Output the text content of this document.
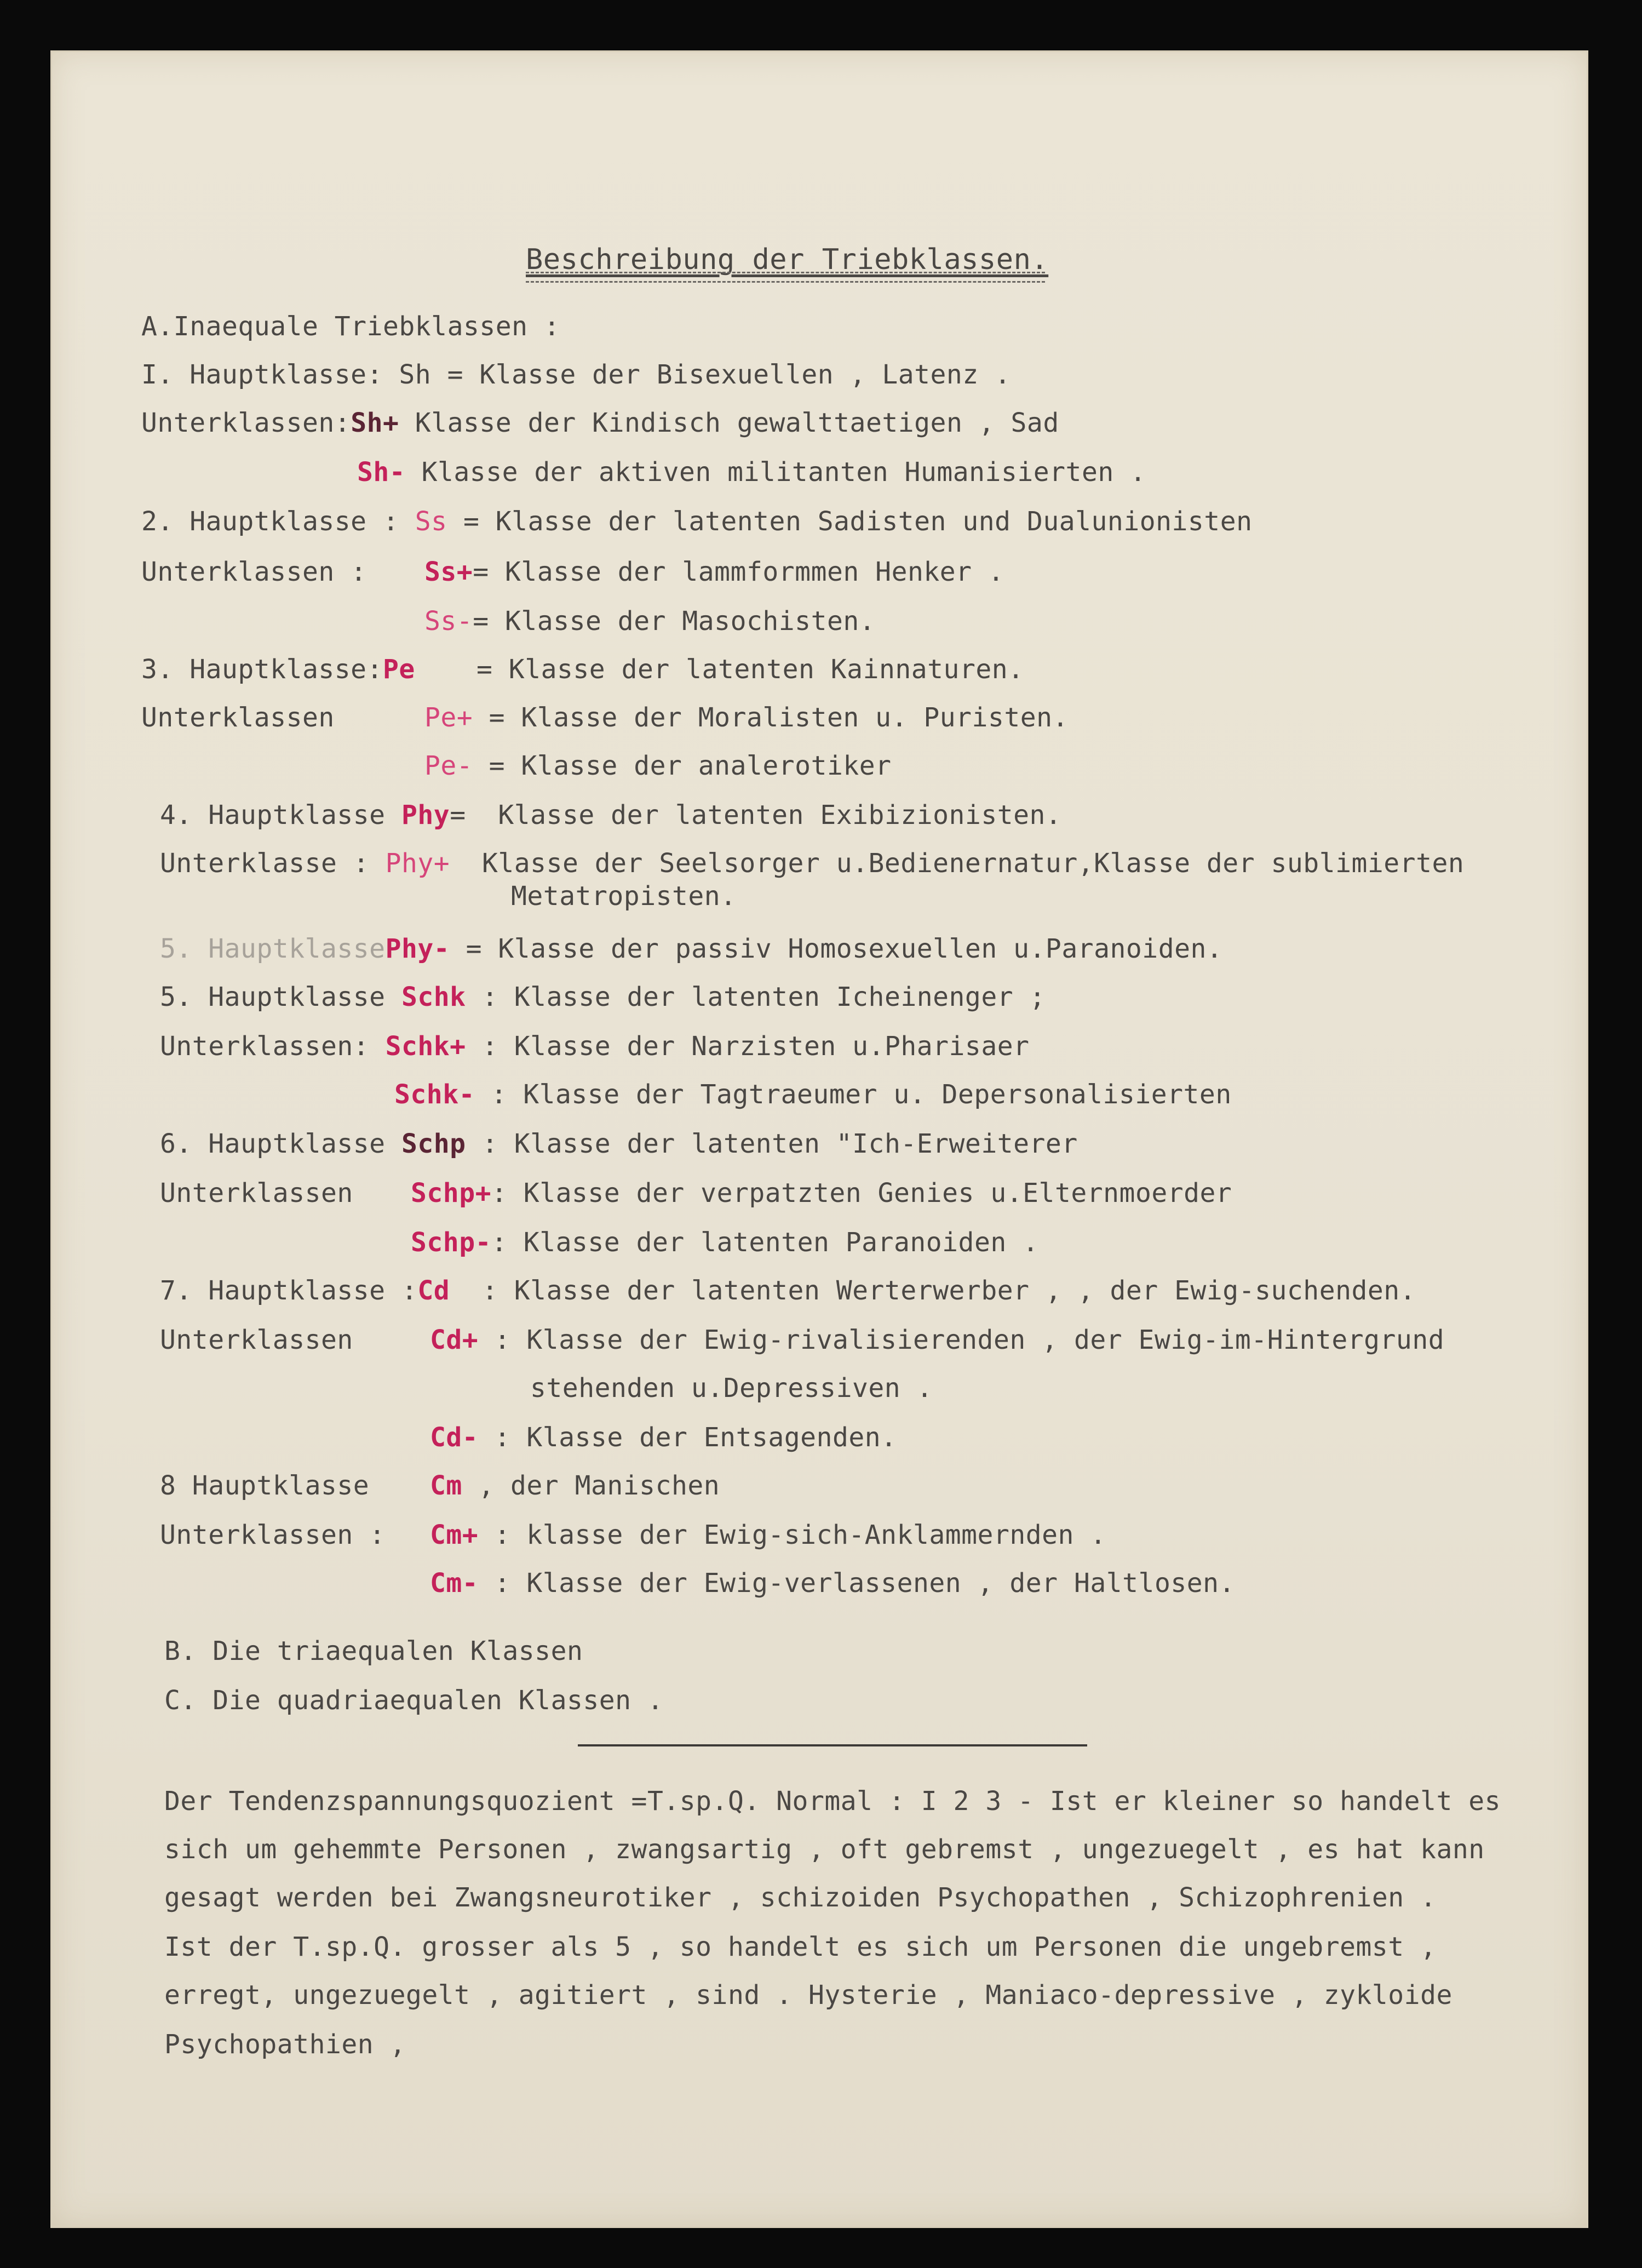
Beschreibung der Triebklassen.
A.Inaequale Triebklassen :
I. Hauptklasse: Sh = Klasse der Bisexuellen , Latenz .
Unterklassen:Sh+ Klasse der Kindisch gewalttaetigen , Sad
Sh- Klasse der aktiven militanten Humanisierten .
2. Hauptklasse : Ss = Klasse der latenten Sadisten und Dualunionisten
Unterklassen : Ss+= Klasse der lammformmen Henker .
Ss-= Klasse der Masochisten.
3. Hauptklasse:Pe = Klasse der latenten Kainnaturen.
Unterklassen	Pe+ = Klasse der Moralisten u. Puristen.
Pe- = Klasse der analerotiker
4. Hauptklasse Phy=  Klasse der latenten Exibizionisten.
Unterklasse : Phy+  Klasse der Seelsorger u.Bedienernatur,Klasse der sublimierten
Metatropisten.
5. HauptklassePhy- = Klasse der passiv Homosexuellen u.Paranoiden.
5. Hauptklasse Schk : Klasse der latenten Icheinenger ;
Unterklassen: Schk+ : Klasse der Narzisten u.Pharisaer
Schk- : Klasse der Tagtraeumer u. Depersonalisierten
6. Hauptklasse Schp : Klasse der latenten "Ich-Erweiterer
Unterklassen Schp+: Klasse der verpatzten Genies u.Elternmoerder
Schp-: Klasse der latenten Paranoiden .
7. Hauptklasse :Cd  : Klasse der latenten Werterwerber , , der Ewig-suchenden.
Unterklassen	Cd+ : Klasse der Ewig-rivalisierenden , der Ewig-im-Hintergrund
stehenden u.Depressiven .
Cd- : Klasse der Entsagenden.
8 Hauptklasse Cm , der Manischen
Unterklassen : Cm+ : klasse der Ewig-sich-Anklammernden .
Cm- : Klasse der Ewig-verlassenen , der Haltlosen.
B. Die triaequalen Klassen
C. Die quadriaequalen Klassen .
Der Tendenzspannungsquozient =T.sp.Q. Normal : I 2 3 - Ist er kleiner so handelt es
sich um gehemmte Personen , zwangsartig , oft gebremst , ungezuegelt , es hat kann
gesagt werden bei Zwangsneurotiker , schizoiden Psychopathen , Schizophrenien .
Ist der T.sp.Q. grosser als 5 , so handelt es sich um Personen die ungebremst ,
erregt, ungezuegelt , agitiert , sind . Hysterie , Maniaco-depressive , zykloide
Psychopathien ,
